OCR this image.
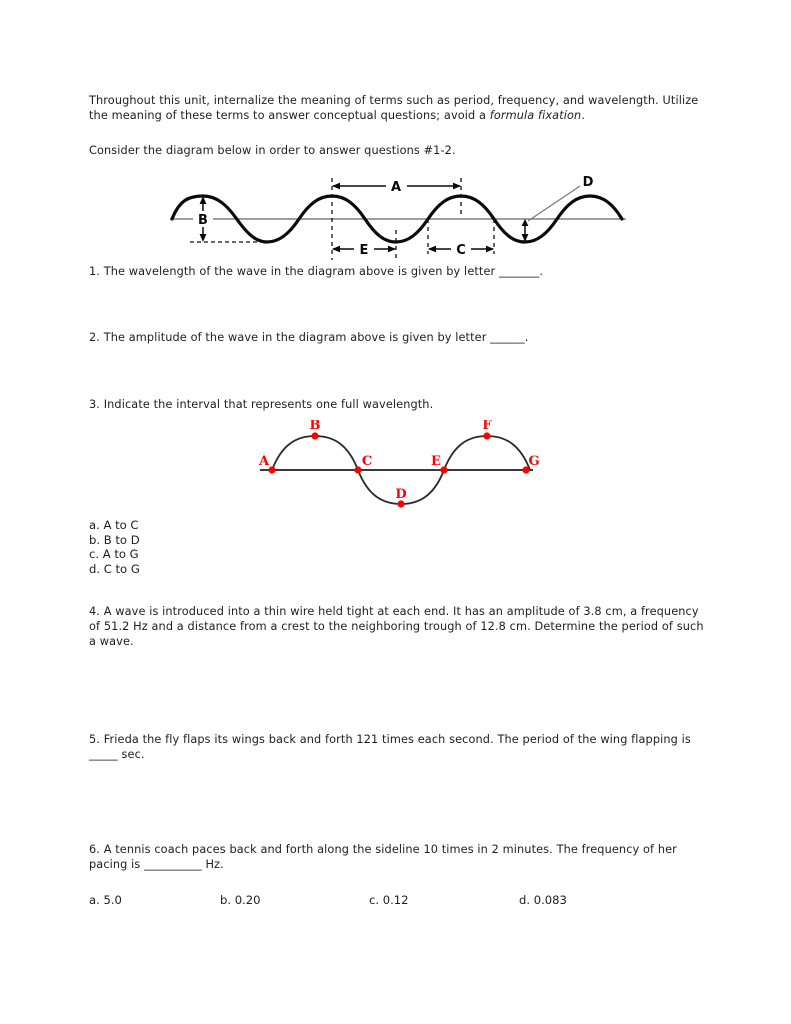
Throughout this unit, internalize the meaning of terms such as period, frequency, and wavelength. Utilize the meaning of these terms to answer conceptual questions; avoid a formula fixation.
Consider the diagram below in order to answer questions #1-2.
A
B
E	C
D
1. The wavelength of the wave in the diagram above is given by letter _______.
2. The amplitude of the wave in the diagram above is given by letter ______.
3. Indicate the interval that represents one full wavelength.
A
B
C
D
E
F
G
a. A to C
b. B to D
c. A to G
d. C to G
4. A wave is introduced into a thin wire held tight at each end. It has an amplitude of 3.8 cm, a frequency of 51.2 Hz and a distance from a crest to the neighboring trough of 12.8 cm. Determine the period of such a wave.
5. Frieda the fly flaps its wings back and forth 121 times each second. The period of the wing flapping is _____ sec.
6. A tennis coach paces back and forth along the sideline 10 times in 2 minutes. The frequency of her pacing is __________ Hz.
a. 5.0	b. 0.20	c. 0.12	d. 0.083
